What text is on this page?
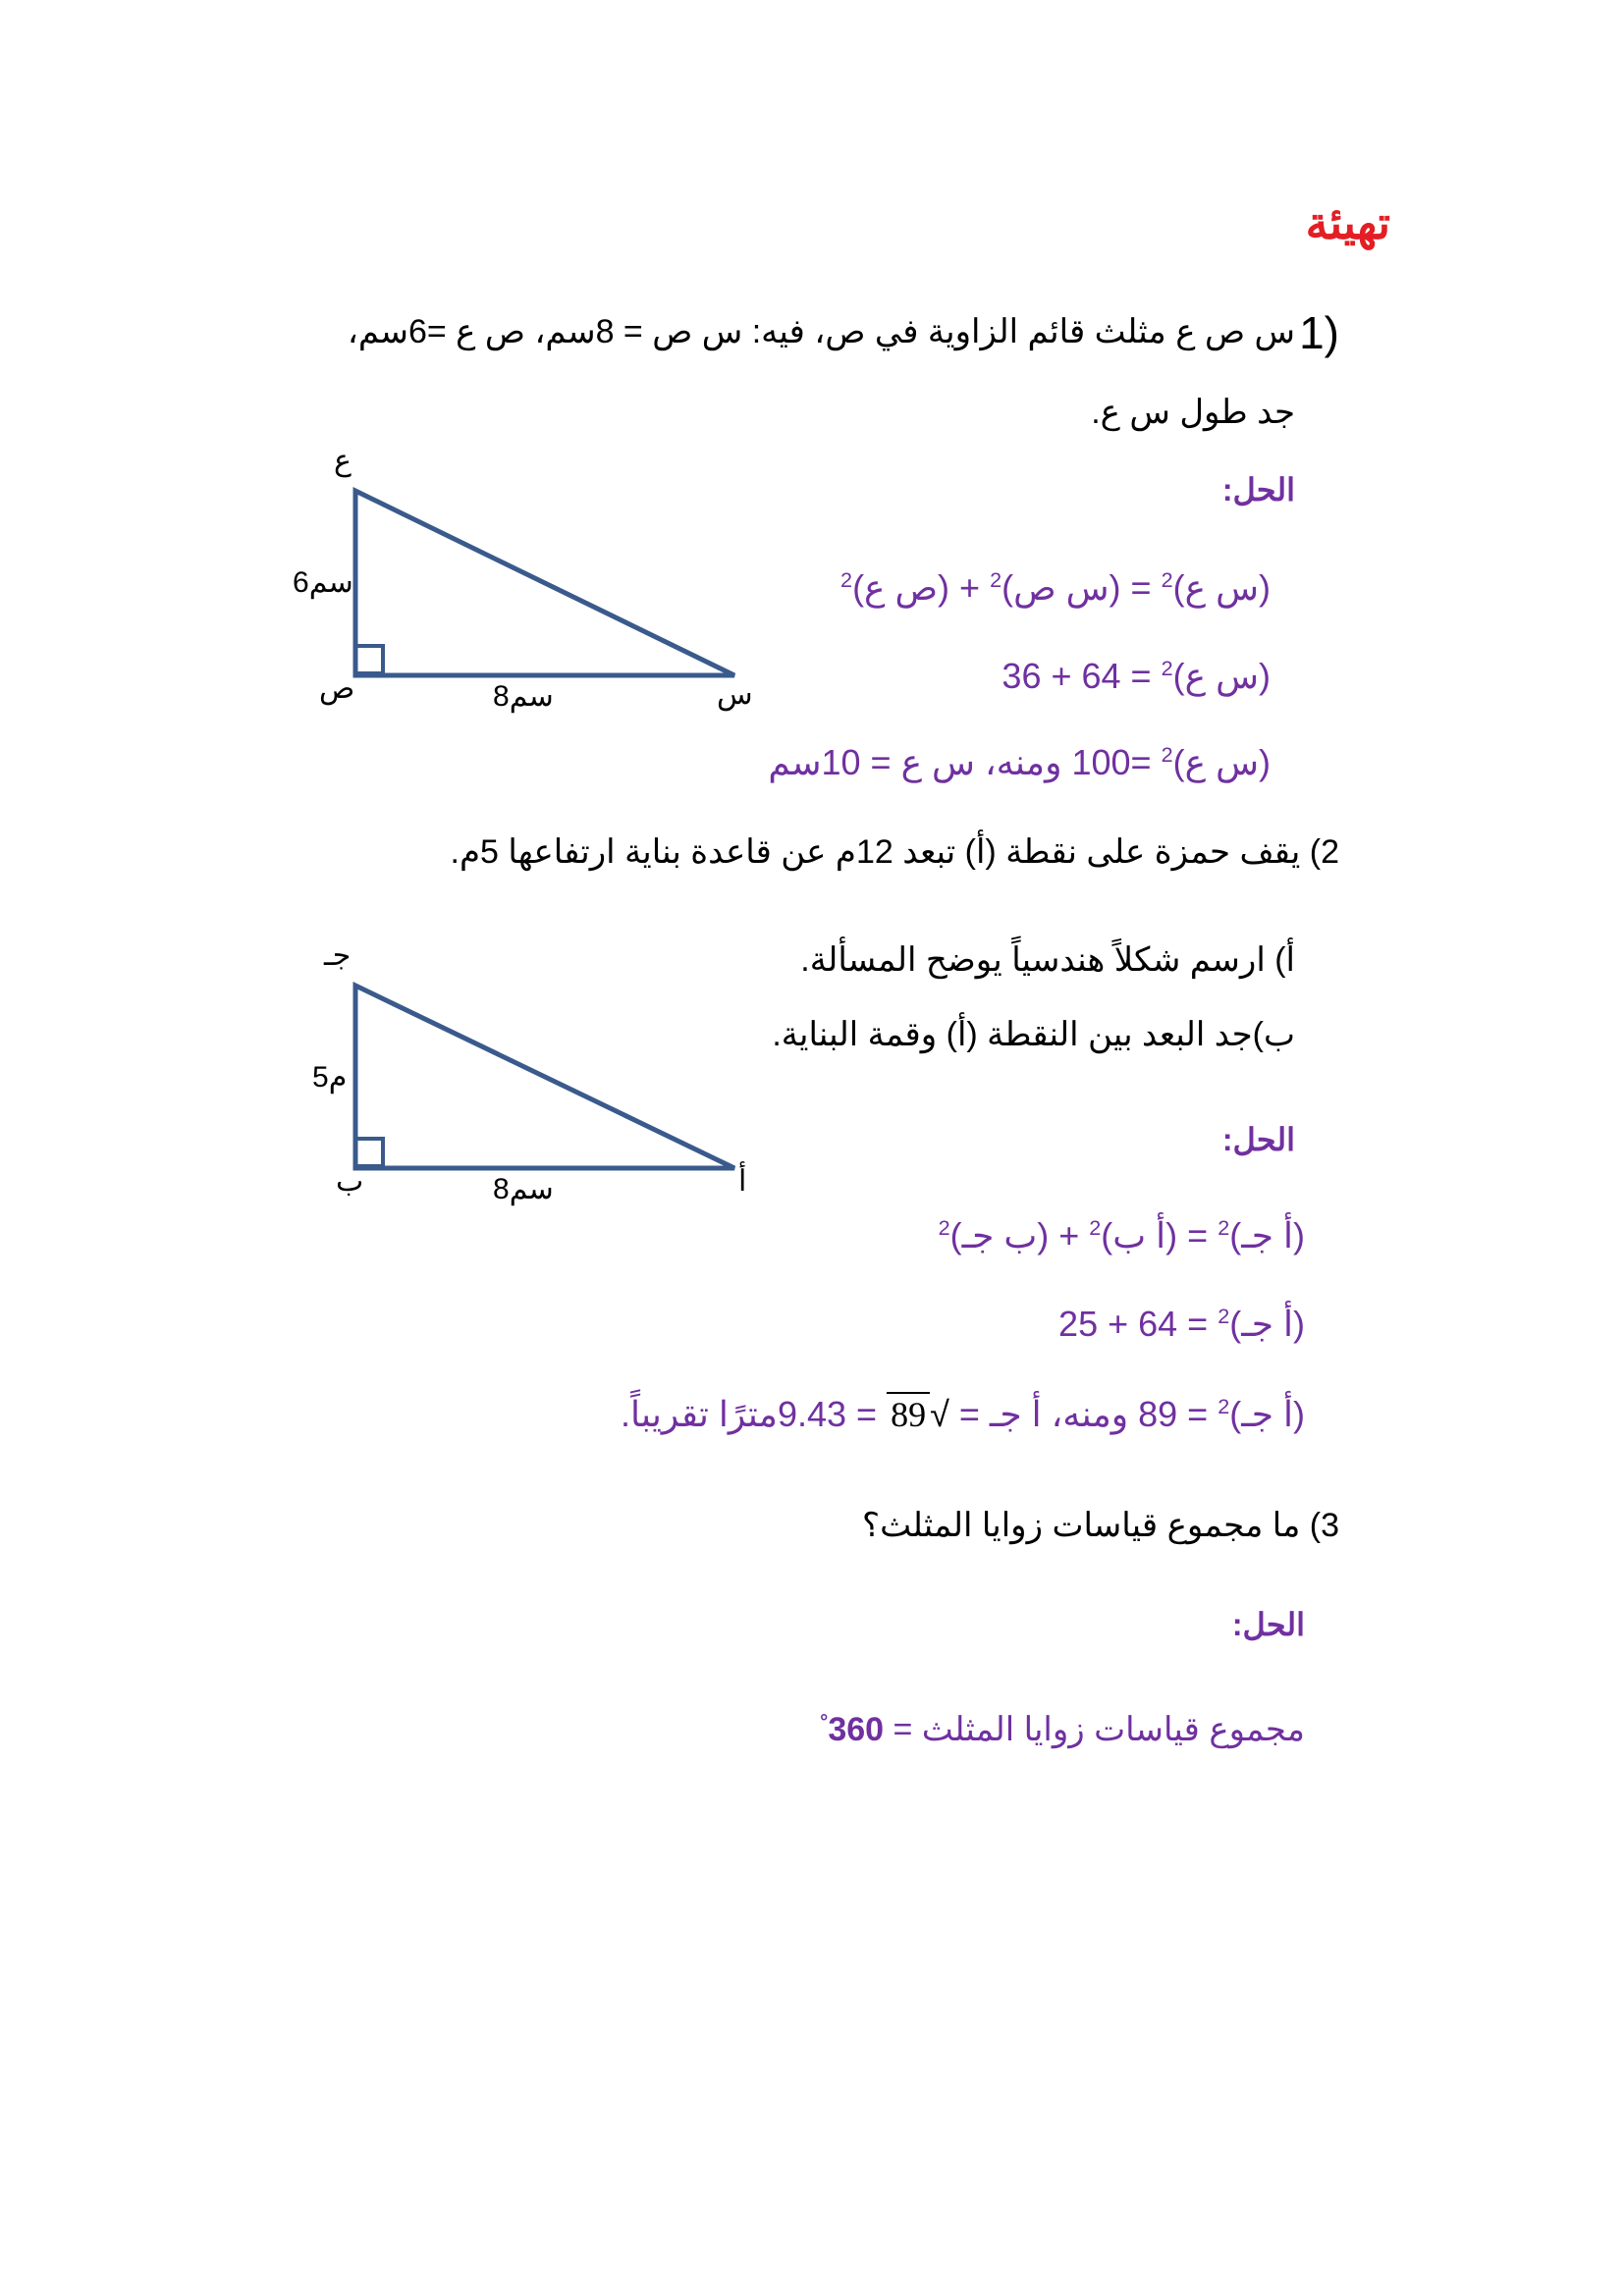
تهيئة
1)
س ص ع مثلث قائم الزاوية في ص، فيه: س ص = 8سم، ص ع =6سم،
جد طول س ع.
الحل:
(س ع)$^2$ = (س ص)$^2$ + (ص ع)$^2$
(س ع)$^2$ = 64 + 36
(س ع)$^2$ =100 ومنه، س ع = 10سم
ع
6سم
ص	8سم	س
2) يقف حمزة على نقطة (أ) تبعد 12م عن قاعدة بناية ارتفاعها 5م.
أ) ارسم شكلاً هندسياً يوضح المسألة.
ب)جد البعد بين النقطة (أ) وقمة البناية.
الحل:
جـ
5م
ب	8سم	أ
(أ جـ)$^2$ = (أ ب)$^2$ + (ب جـ)$^2$
(أ جـ)$^2$ = 64 + 25
(أ جـ)$^2$ = 89 ومنه، أ جـ = √89 = 9.43مترًا تقريباً.
3) ما مجموع قياسات زوايا المثلث؟
الحل:
مجموع قياسات زوايا المثلث = 360°
